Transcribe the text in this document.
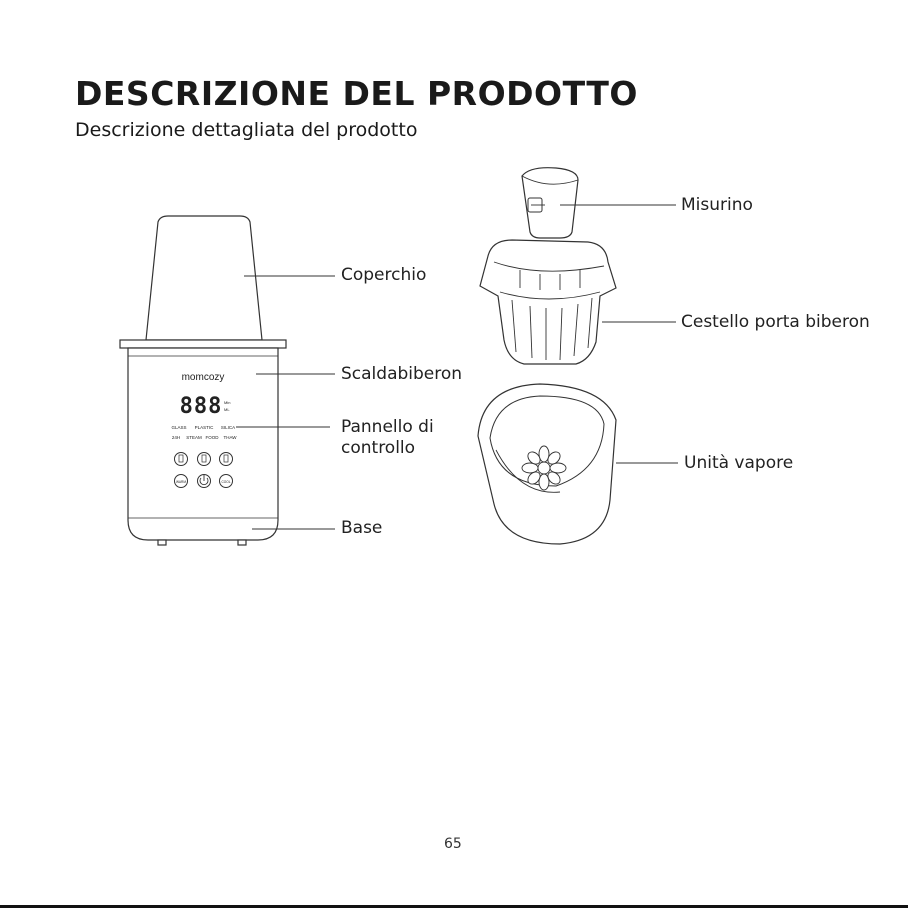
DESCRIZIONE DEL PRODOTTO
Descrizione dettagliata del prodotto
momcozy
888 Min
ML
GLASS PLASTIC SILICA
24H STEAM FOOD THAW
WARM	COOL
Coperchio
Scaldabiberon
Pannello di
controllo
Base
Misurino
Cestello porta biberon
Unità vapore
65
